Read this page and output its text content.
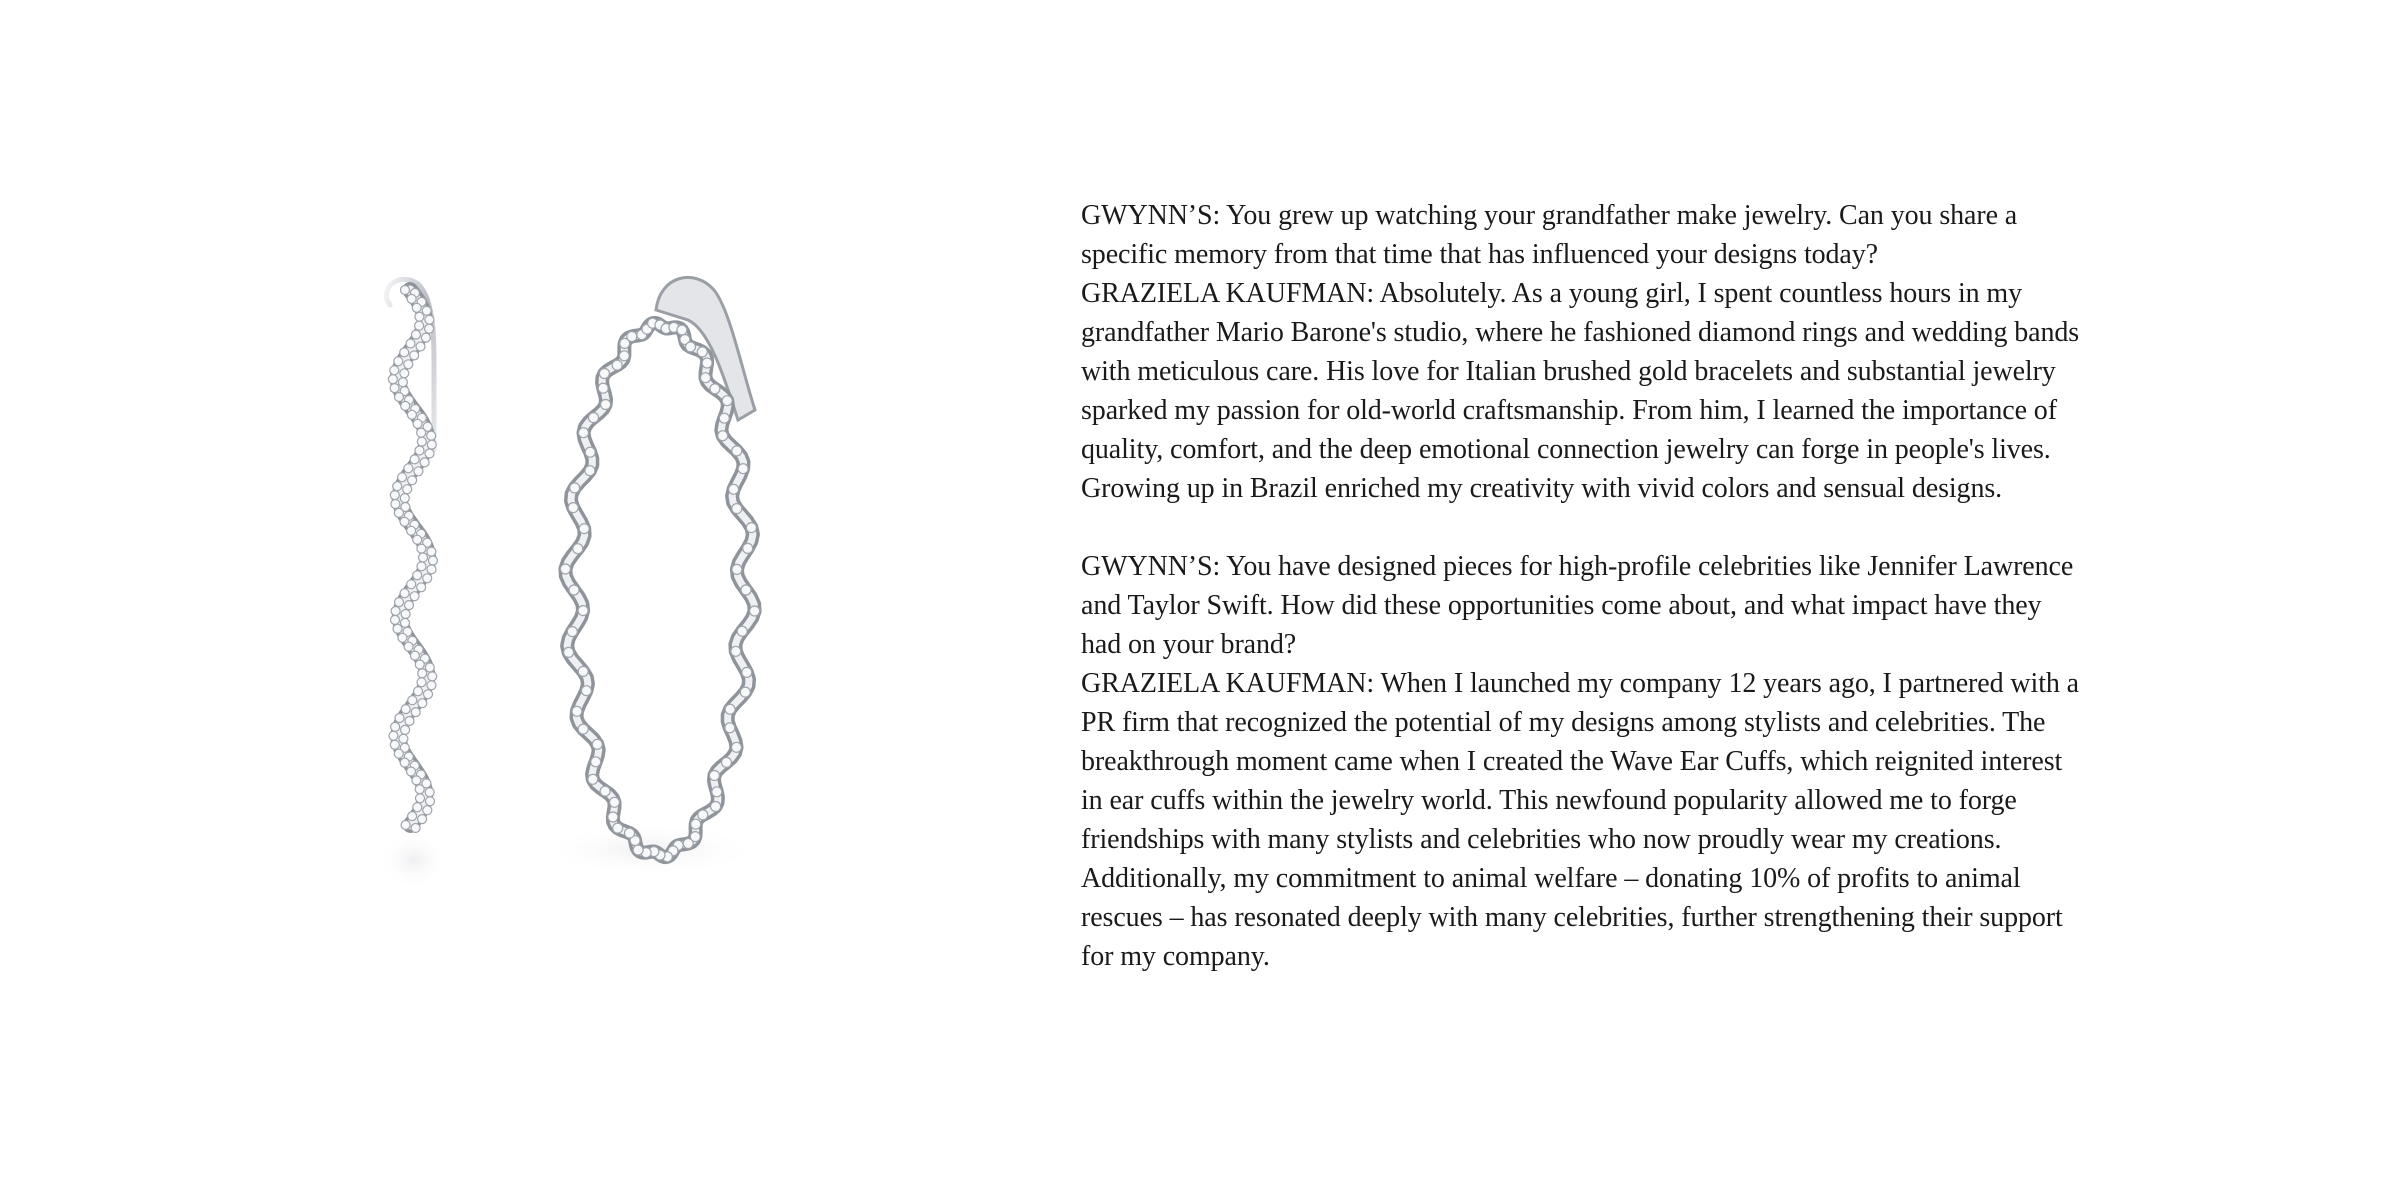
GWYNN’S: You grew up watching your grandfather make jewelry. Can you share a specific memory from that time that has influenced your designs today?

GRAZIELA KAUFMAN: Absolutely. As a young girl, I spent countless hours in my grandfather Mario Barone's studio, where he fashioned diamond rings and wedding bands with meticulous care. His love for Italian brushed gold bracelets and substantial jewelry sparked my passion for old-world craftsmanship. From him, I learned the importance of quality, comfort, and the deep emotional connection jewelry can forge in people's lives. Growing up in Brazil enriched my creativity with vivid colors and sensual designs.

GWYNN’S: You have designed pieces for high-profile celebrities like Jennifer Lawrence and Taylor Swift. How did these opportunities come about, and what impact have they had on your brand?

GRAZIELA KAUFMAN: When I launched my company 12 years ago, I partnered with a PR firm that recognized the potential of my designs among stylists and celebrities. The breakthrough moment came when I created the Wave Ear Cuffs, which reignited interest in ear cuffs within the jewelry world. This newfound popularity allowed me to forge friendships with many stylists and celebrities who now proudly wear my creations. Additionally, my commitment to animal welfare – donating 10% of profits to animal rescues – has resonated deeply with many celebrities, further strengthening their support for my company.
